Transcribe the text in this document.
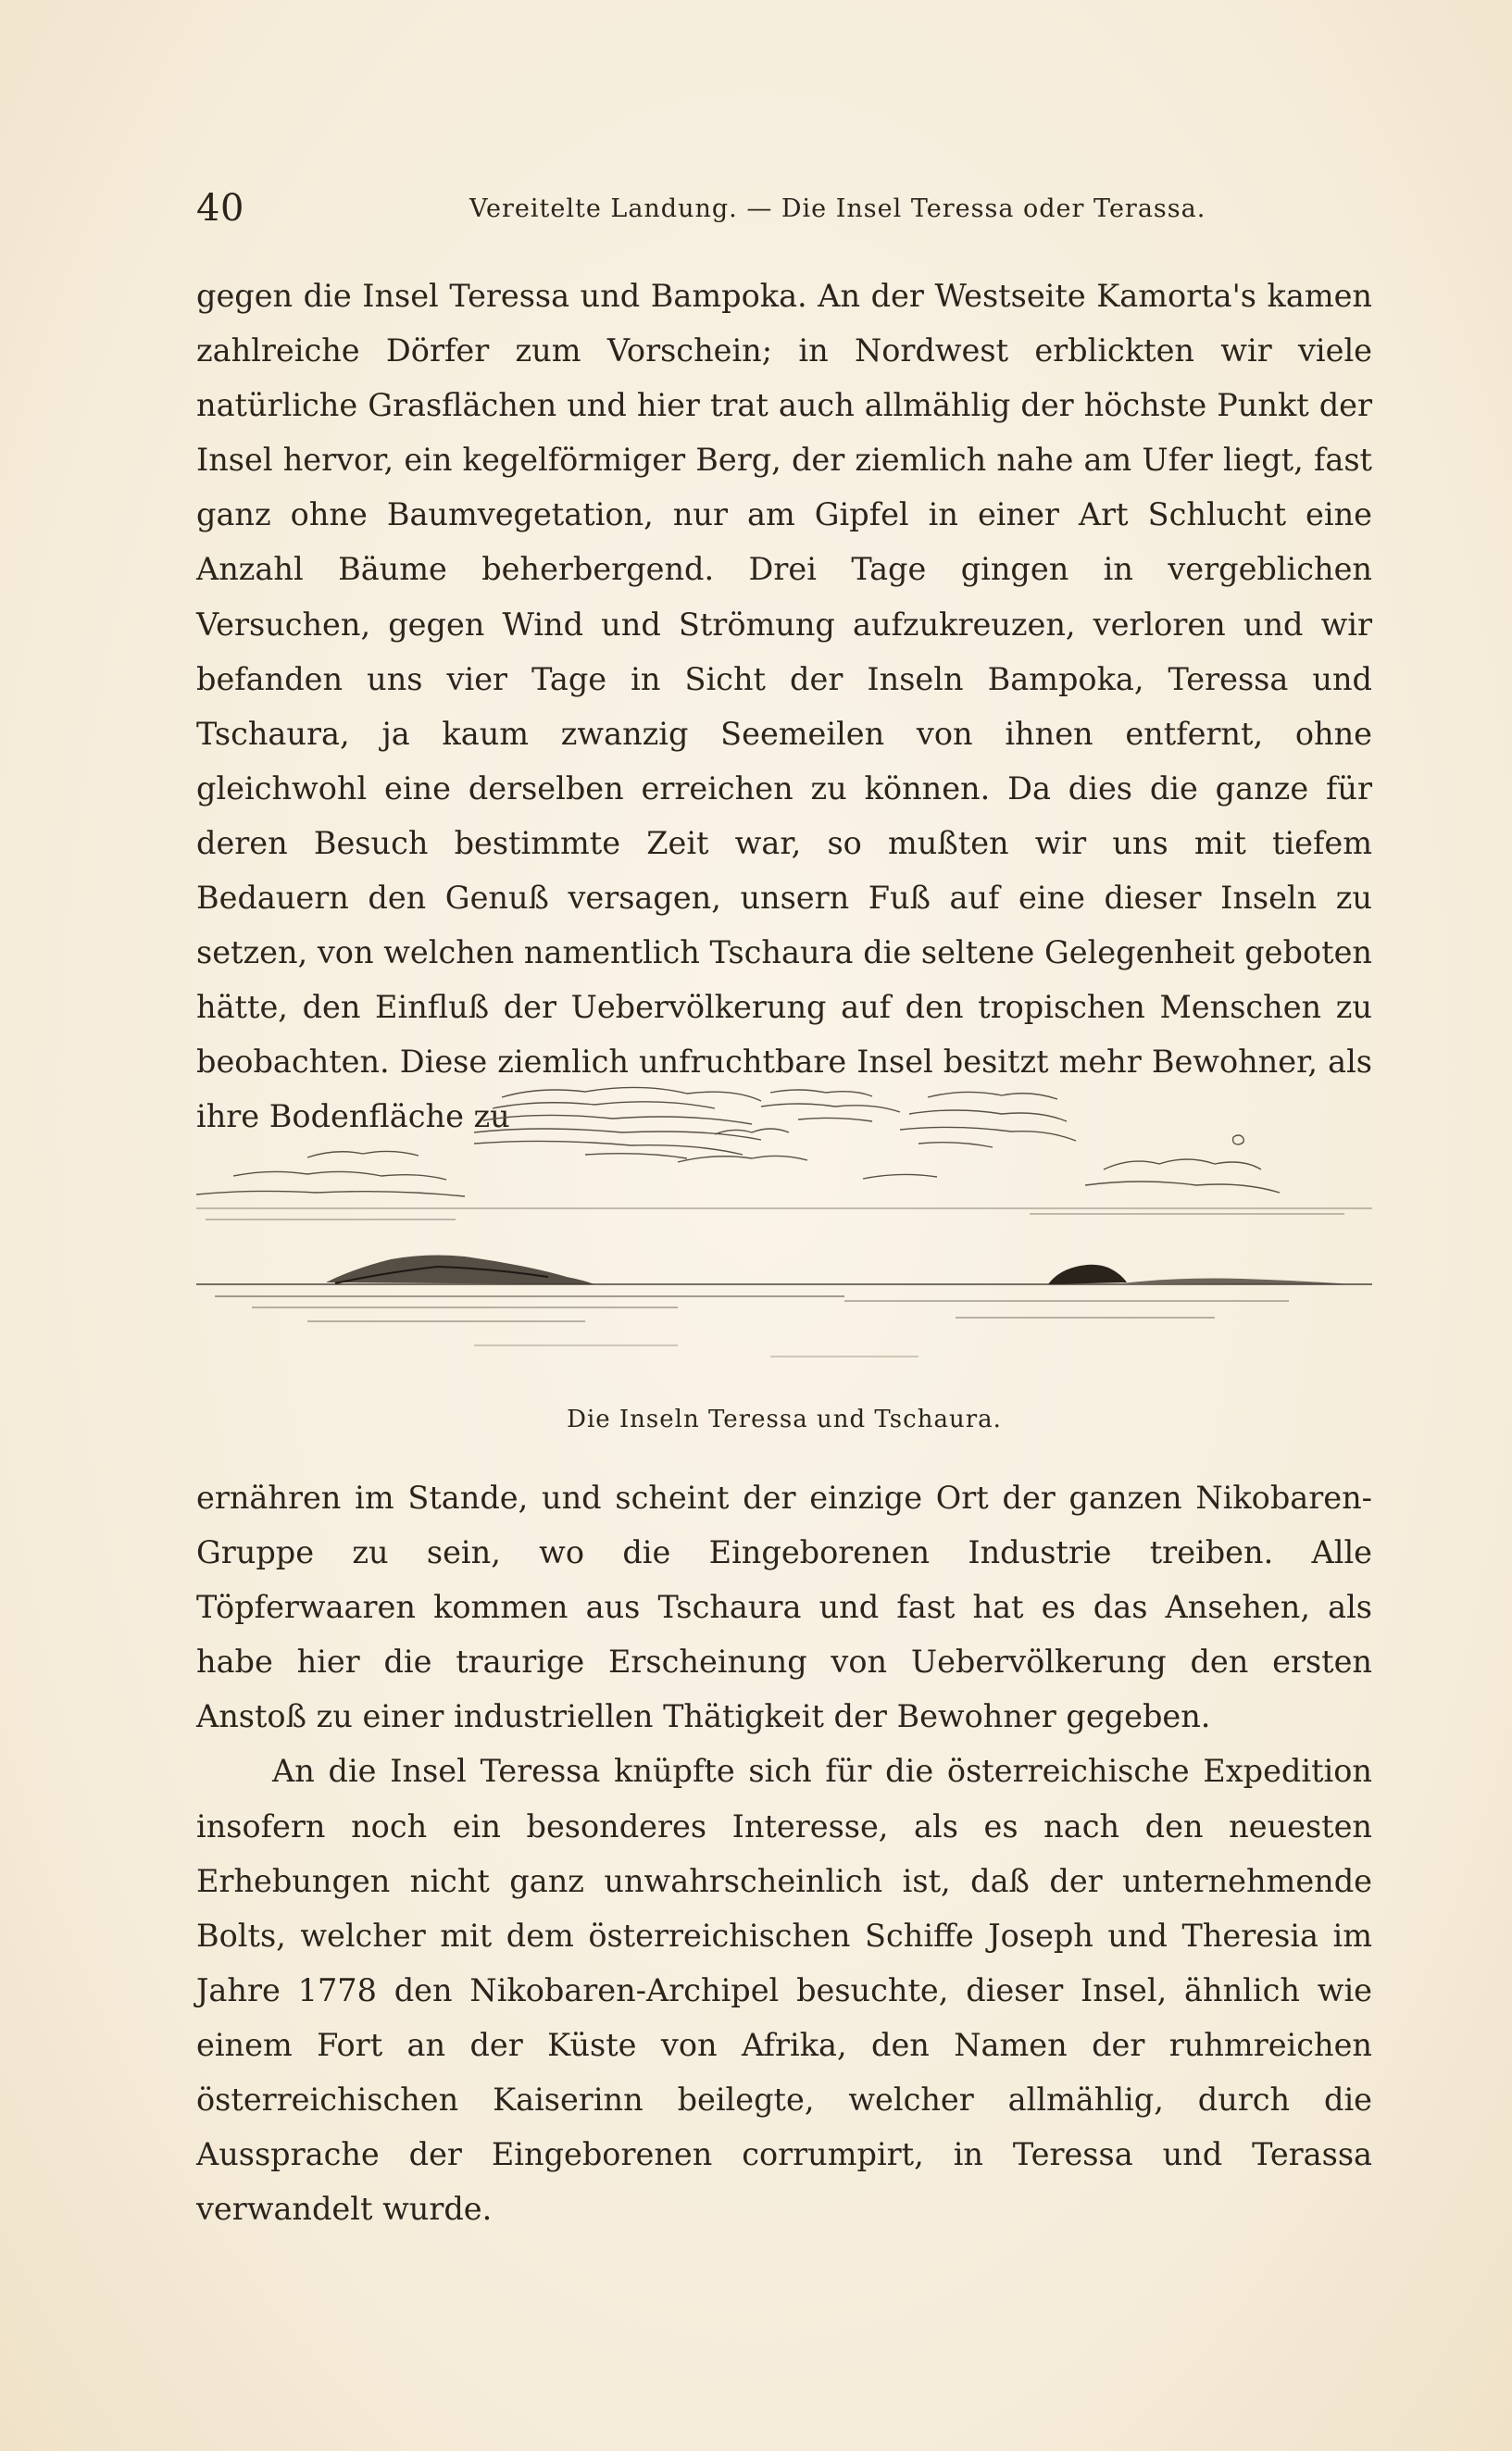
40	Vereitelte Landung. — Die Insel Teressa oder Terassa.

gegen die Insel Teressa und Bampoka. An der Westseite Kamorta's kamen zahlreiche Dörfer zum Vorschein; in Nordwest erblickten wir viele natürliche Grasflächen und hier trat auch allmählig der höchste Punkt der Insel hervor, ein kegelförmiger Berg, der ziemlich nahe am Ufer liegt, fast ganz ohne Baumvegetation, nur am Gipfel in einer Art Schlucht eine Anzahl Bäume beherbergend. Drei Tage gingen in vergeblichen Versuchen, gegen Wind und Strömung aufzukreuzen, verloren und wir befanden uns vier Tage in Sicht der Inseln Bampoka, Teressa und Tschaura, ja kaum zwanzig Seemeilen von ihnen entfernt, ohne gleichwohl eine derselben erreichen zu können. Da dies die ganze für deren Besuch bestimmte Zeit war, so mußten wir uns mit tiefem Bedauern den Genuß versagen, unsern Fuß auf eine dieser Inseln zu setzen, von welchen namentlich Tschaura die seltene Gelegenheit geboten hätte, den Einfluß der Uebervölkerung auf den tropischen Menschen zu beobachten. Diese ziemlich unfruchtbare Insel besitzt mehr Bewohner, als ihre Bodenfläche zu

Die Inseln Teressa und Tschaura.

ernähren im Stande, und scheint der einzige Ort der ganzen Nikobaren-Gruppe zu sein, wo die Eingeborenen Industrie treiben. Alle Töpferwaaren kommen aus Tschaura und fast hat es das Ansehen, als habe hier die traurige Erscheinung von Uebervölkerung den ersten Anstoß zu einer industriellen Thätigkeit der Bewohner gegeben.

An die Insel Teressa knüpfte sich für die österreichische Expedition insofern noch ein besonderes Interesse, als es nach den neuesten Erhebungen nicht ganz unwahrscheinlich ist, daß der unternehmende Bolts, welcher mit dem österreichischen Schiffe Joseph und Theresia im Jahre 1778 den Nikobaren-Archipel besuchte, dieser Insel, ähnlich wie einem Fort an der Küste von Afrika, den Namen der ruhmreichen österreichischen Kaiserinn beilegte, welcher allmählig, durch die Aussprache der Eingeborenen corrumpirt, in Teressa und Terassa verwandelt wurde.
